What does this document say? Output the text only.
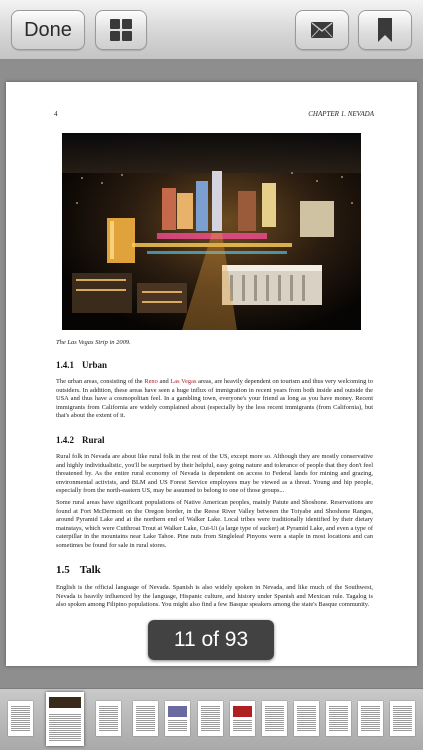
Done
4	CHAPTER 1. NEVADA
The Las Vegas Strip in 2009.
1.4.1 Urban

The urban areas, consisting of the Reno and Las Vegas areas, are heavily dependent on tourism and thus very welcoming to outsiders. In addition, these areas have seen a huge influx of immigration in recent years from both inside and outside the USA and thus have a cosmopolitan feel. In a gambling town, everyone's your friend as long as you have money. Recent immigrants from California are widely complained about (especially by the less recent immigrants (from California), but that's about the extent of it.

1.4.2 Rural

Rural folk in Nevada are about like rural folk in the rest of the US, except more so. Although they are mostly conservative and highly individualistic, you'll be surprised by their helpful, easy going nature and tolerance of people that they don't feel threatened by. As the entire rural economy of Nevada is dependent on access to Federal lands for mining and grazing, environmental activists, and BLM and US Forest Service employees may be viewed as a threat. Young and hip people, especially from the north-eastern US, may be assumed to belong to one of those groups...

Some rural areas have significant populations of Native American peoples, mainly Paiute and Shoshone. Reservations are found at Fort McDermott on the Oregon border, in the Reese River Valley between the Toiyabe and Shoshone Ranges, around Pyramid Lake and at the northern end of Walker Lake. Local tribes were traditionally identified by their dietary mainstays, which were Cutthroat Trout at Walker Lake, Cui-Ui (a large type of sucker) at Pyramid Lake, and even a type of caterpillar in the mountains near Lake Tahoe. Pine nuts from Singleleaf Pinyons were a staple in most locations and can sometimes be found for sale in rural stores.

1.5 Talk

English is the official language of Nevada. Spanish is also widely spoken in Nevada, and like much of the Southwest, Nevada is heavily influenced by the language, Hispanic culture, and history under Spanish and Mexican rule. Tagalog is also spoken among Filipino populations. You might also find a few Basque speakers among the state's Basque community.

11 of 93
